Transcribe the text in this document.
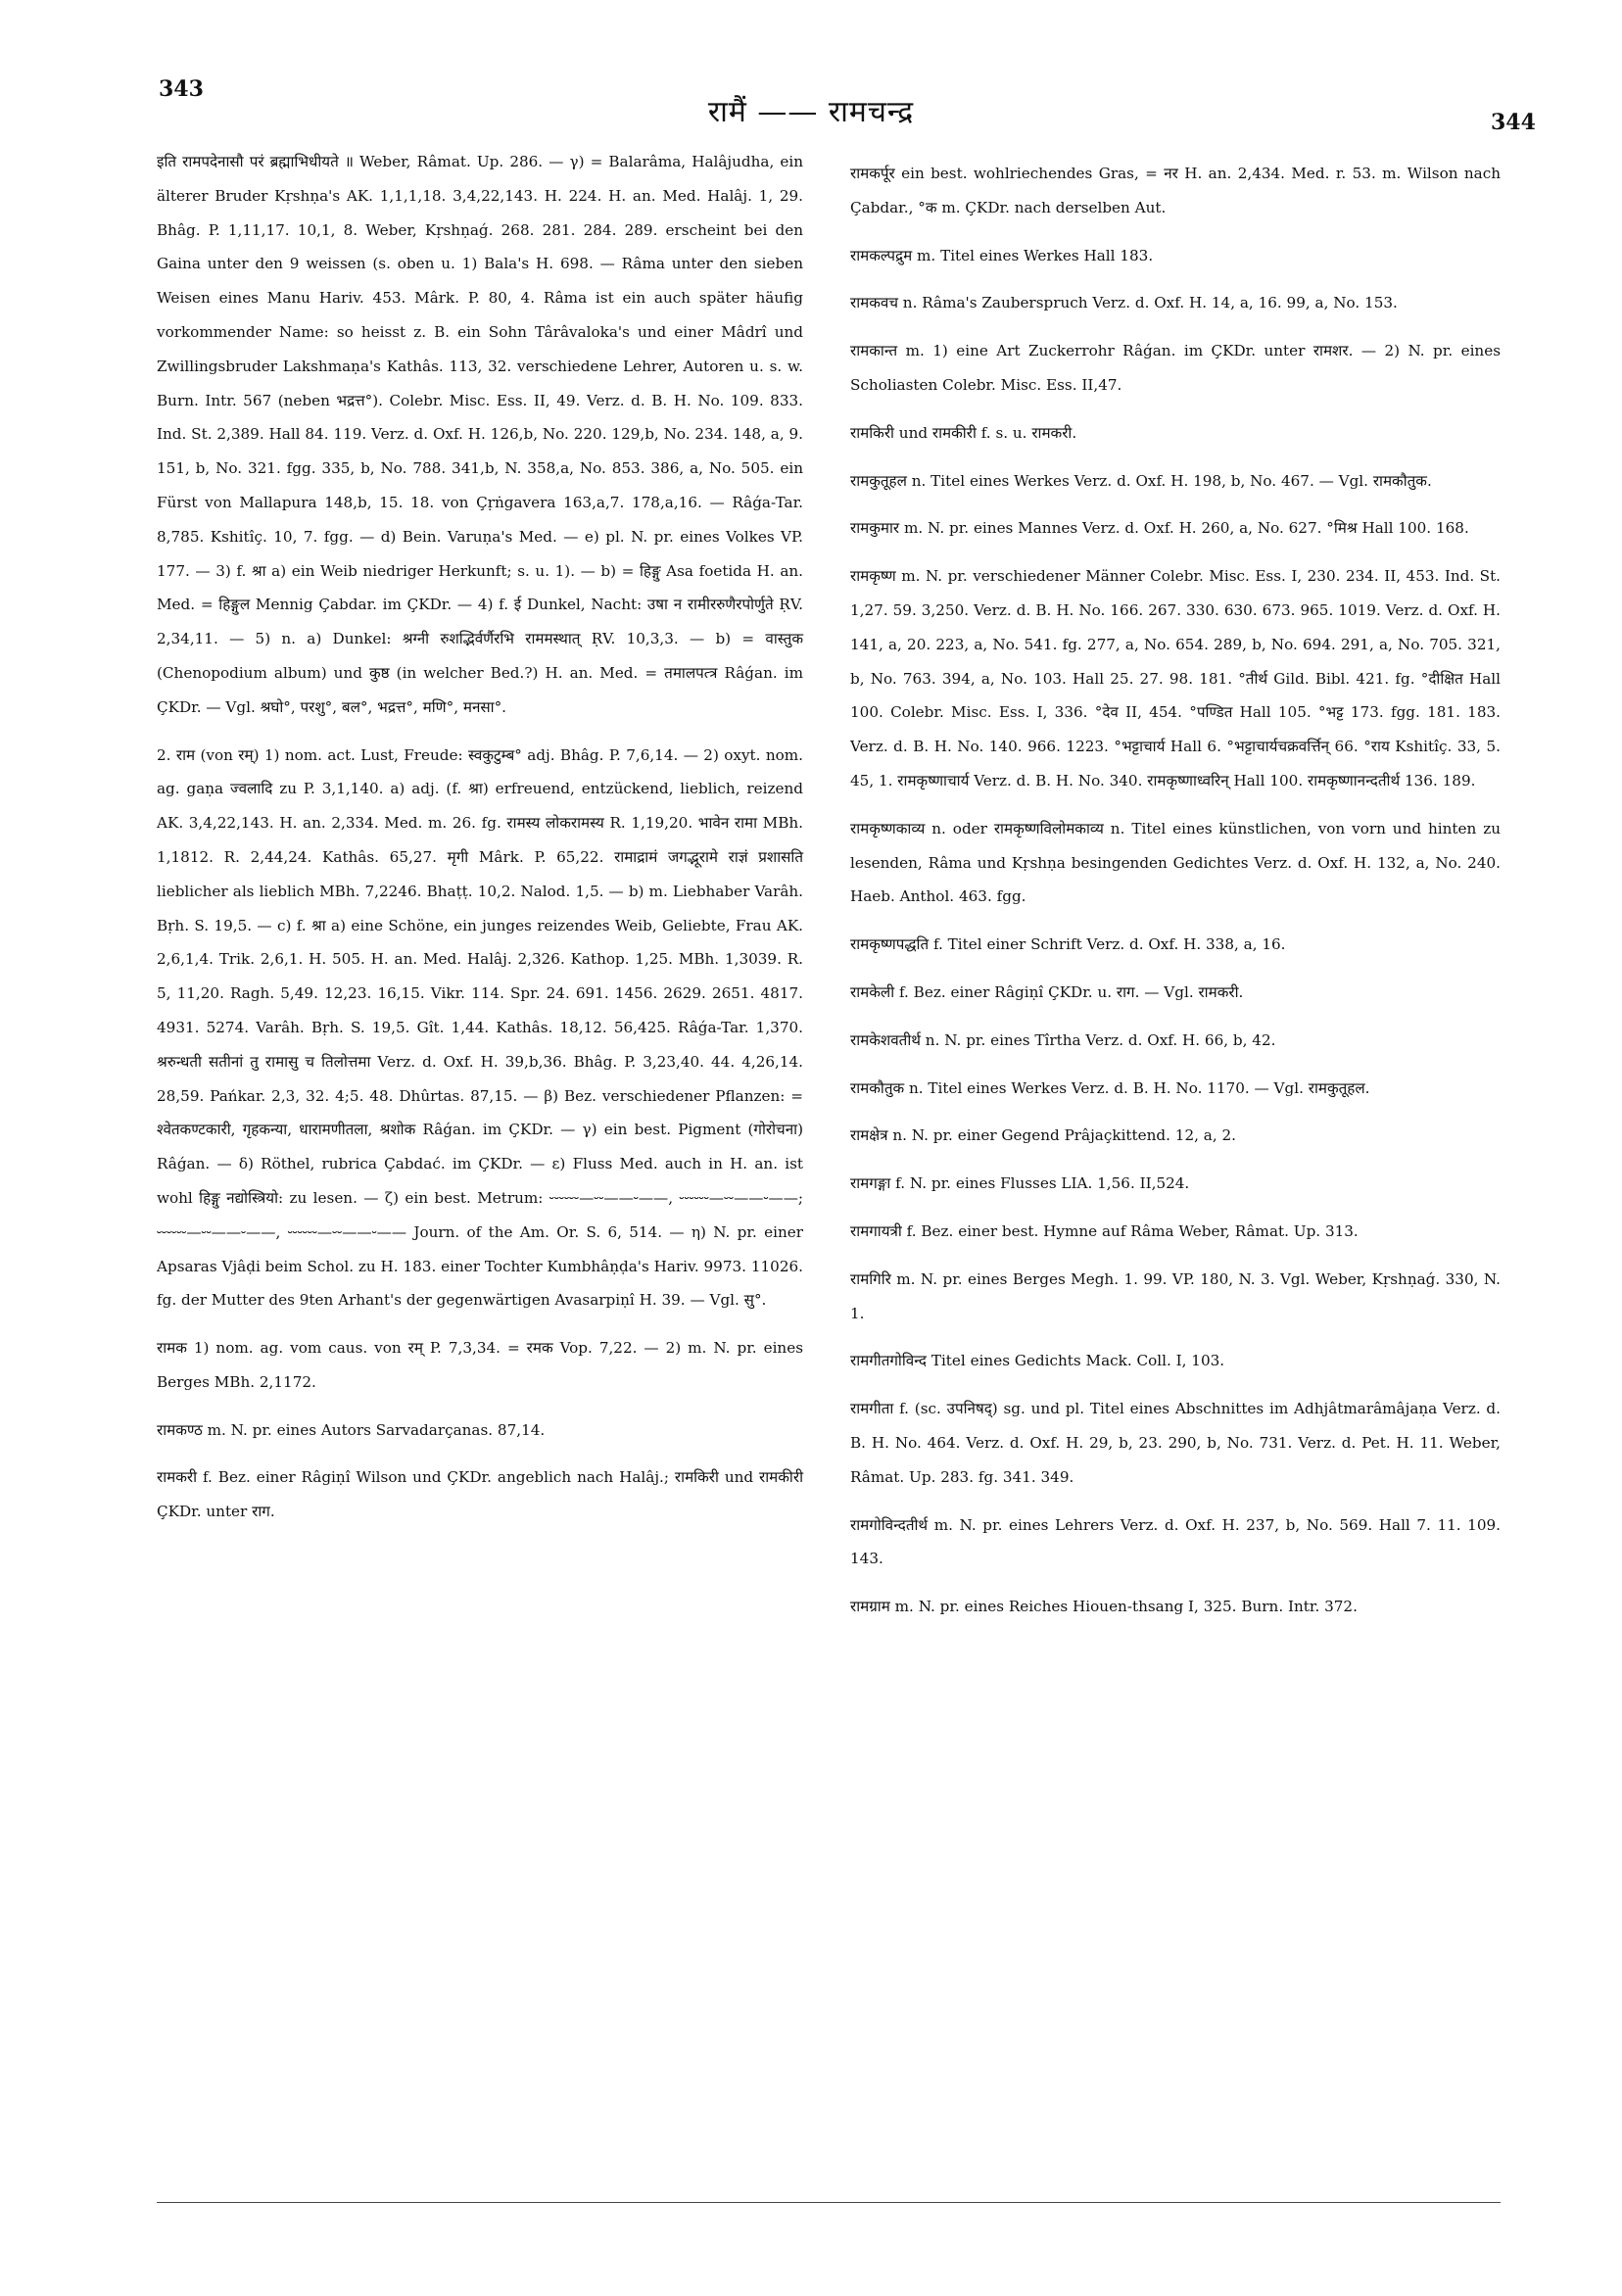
343
रामैं —— रामचन्द्र	344

इति रामपदेनासौ परं ब्रह्माभिधीयते ॥ Weber, Râmat. Up. 286. — γ) = Balarâma, Halâjudha, ein älterer Bruder Kṛshṇa's AK. 1,1,1,18. 3,4,22,143. H. 224. H. an. Med. Halâj. 1, 29. Bhâg. P. 1,11,17. 10,1, 8. Weber, Kṛshṇaǵ. 268. 281. 284. 289. erscheint bei den Gaina unter den 9 weissen (s. oben u. 1) Bala's H. 698. — Râma unter den sieben Weisen eines Manu Hariv. 453. Mârk. P. 80, 4. Râma ist ein auch später häufig vorkommender Name: so heisst z. B. ein Sohn Târâvaloka's und einer Mâdrî und Zwillingsbruder Lakshmaṇa's Kathâs. 113, 32. verschiedene Lehrer, Autoren u. s. w. Burn. Intr. 567 (neben भद्रत्त°). Colebr. Misc. Ess. II, 49. Verz. d. B. H. No. 109. 833. Ind. St. 2,389. Hall 84. 119. Verz. d. Oxf. H. 126,b, No. 220. 129,b, No. 234. 148, a, 9. 151, b, No. 321. fgg. 335, b, No. 788. 341,b, N. 358,a, No. 853. 386, a, No. 505. ein Fürst von Mallapura 148,b, 15. 18. von Çṛṅgavera 163,a,7. 178,a,16. — Râǵa-Tar. 8,785. Kshitîç. 10, 7. fgg. — d) Bein. Varuṇa's Med. — e) pl. N. pr. eines Volkes VP. 177. — 3) f. श्रा a) ein Weib niedriger Herkunft; s. u. 1). — b) = हिङ्गु Asa foetida H. an. Med. = हिङ्गुल Mennig Çabdar. im ÇKDr. — 4) f. ई Dunkel, Nacht: उषा न रामीररुणैरपोर्णुते ṚV. 2,34,11. — 5) n. a) Dunkel: श्रग्नी रुशद्भिर्वर्णैरभि राममस्थात् ṚV. 10,3,3. — b) = वास्तुक (Chenopodium album) und कुष्ठ (in welcher Bed.?) H. an. Med. = तमालपत्त्र Râǵan. im ÇKDr. — Vgl. श्रघो°, परशु°, बल°, भद्रत्त°, मणि°, मनसा°.

2. राम (von रम्) 1) nom. act. Lust, Freude: स्वकुटुम्ब° adj. Bhâg. P. 7,6,14. — 2) oxyt. nom. ag. gaṇa ज्वलादि zu P. 3,1,140. a) adj. (f. श्रा) erfreuend, entzückend, lieblich, reizend AK. 3,4,22,143. H. an. 2,334. Med. m. 26. fg. रामस्य लोकरामस्य R. 1,19,20. भावेन रामा MBh. 1,1812. R. 2,44,24. Kathâs. 65,27. मृगी Mârk. P. 65,22. रामाद्रामं जगद्भूरामे राज्ञं प्रशासति lieblicher als lieblich MBh. 7,2246. Bhaṭṭ. 10,2. Nalod. 1,5. — b) m. Liebhaber Varâh. Bṛh. S. 19,5. — c) f. श्रा a) eine Schöne, ein junges reizendes Weib, Geliebte, Frau AK. 2,6,1,4. Trik. 2,6,1. H. 505. H. an. Med. Halâj. 2,326. Kathop. 1,25. MBh. 1,3039. R. 5, 11,20. Ragh. 5,49. 12,23. 16,15. Vikr. 114. Spr. 24. 691. 1456. 2629. 2651. 4817. 4931. 5274. Varâh. Bṛh. S. 19,5. Gît. 1,44. Kathâs. 18,12. 56,425. Râǵa-Tar. 1,370. श्ररुन्धती सतीनां तु रामासु च तिलोत्तमा Verz. d. Oxf. H. 39,b,36. Bhâg. P. 3,23,40. 44. 4,26,14. 28,59. Pańkar. 2,3, 32. 4;5. 48. Dhûrtas. 87,15. — β) Bez. verschiedener Pflanzen: = श्वेतकण्टकारी, गृहकन्या, धारामणीतला, श्रशोक Râǵan. im ÇKDr. — γ) ein best. Pigment (गोरोचना) Râǵan. — δ) Röthel, rubrica Çabdać. im ÇKDr. — ε) Fluss Med. auch in H. an. ist wohl हिङ्गु नद्योस्त्रियो: zu lesen. — ζ) ein best. Metrum: ⏑⏑⏑⏑⏑⏑—⏑⏑——⏑——, ⏑⏑⏑⏑⏑⏑—⏑⏑——⏑——; ⏑⏑⏑⏑⏑⏑—⏑⏑——⏑——, ⏑⏑⏑⏑⏑⏑—⏑⏑——⏑—— Journ. of the Am. Or. S. 6, 514. — η) N. pr. einer Apsaras Vjâḍi beim Schol. zu H. 183. einer Tochter Kumbhâṇḍa's Hariv. 9973. 11026. fg. der Mutter des 9ten Arhant's der gegenwärtigen Avasarpiṇî H. 39. — Vgl. सु°.

रामक 1) nom. ag. vom caus. von रम् P. 7,3,34. = रमक Vop. 7,22. — 2) m. N. pr. eines Berges MBh. 2,1172.

रामकण्ठ m. N. pr. eines Autors Sarvadarçanas. 87,14.

रामकरी f. Bez. einer Râgiṇî Wilson und ÇKDr. angeblich nach Halâj.; रामकिरी und रामकीरी ÇKDr. unter राग.

रामकर्पूर ein best. wohlriechendes Gras, = नर H. an. 2,434. Med. r. 53. m. Wilson nach Çabdar., °क m. ÇKDr. nach derselben Aut.

रामकल्पद्रुम m. Titel eines Werkes Hall 183.

रामकवच n. Râma's Zauberspruch Verz. d. Oxf. H. 14, a, 16. 99, a, No. 153.

रामकान्त m. 1) eine Art Zuckerrohr Râǵan. im ÇKDr. unter रामशर. — 2) N. pr. eines Scholiasten Colebr. Misc. Ess. II,47.

रामकिरी und रामकीरी f. s. u. रामकरी.

रामकुतूहल n. Titel eines Werkes Verz. d. Oxf. H. 198, b, No. 467. — Vgl. रामकौतुक.

रामकुमार m. N. pr. eines Mannes Verz. d. Oxf. H. 260, a, No. 627. °मिश्र Hall 100. 168.

रामकृष्ण m. N. pr. verschiedener Männer Colebr. Misc. Ess. I, 230. 234. II, 453. Ind. St. 1,27. 59. 3,250. Verz. d. B. H. No. 166. 267. 330. 630. 673. 965. 1019. Verz. d. Oxf. H. 141, a, 20. 223, a, No. 541. fg. 277, a, No. 654. 289, b, No. 694. 291, a, No. 705. 321, b, No. 763. 394, a, No. 103. Hall 25. 27. 98. 181. °तीर्थ Gild. Bibl. 421. fg. °दीक्षित Hall 100. Colebr. Misc. Ess. I, 336. °देव II, 454. °पण्डित Hall 105. °भट्ट 173. fgg. 181. 183. Verz. d. B. H. No. 140. 966. 1223. °भट्टाचार्य Hall 6. °भट्टाचार्यचक्रवर्त्तिन् 66. °राय Kshitîç. 33, 5. 45, 1. रामकृष्णाचार्य Verz. d. B. H. No. 340. रामकृष्णाध्वरिन् Hall 100. रामकृष्णानन्दतीर्थ 136. 189.

रामकृष्णकाव्य n. oder रामकृष्णविलोमकाव्य n. Titel eines künstlichen, von vorn und hinten zu lesenden, Râma und Kṛshṇa besingenden Gedichtes Verz. d. Oxf. H. 132, a, No. 240. Haeb. Anthol. 463. fgg.

रामकृष्णपद्धति f. Titel einer Schrift Verz. d. Oxf. H. 338, a, 16.

रामकेली f. Bez. einer Râgiṇî ÇKDr. u. राग. — Vgl. रामकरी.

रामकेशवतीर्थ n. N. pr. eines Tîrtha Verz. d. Oxf. H. 66, b, 42.

रामकौतुक n. Titel eines Werkes Verz. d. B. H. No. 1170. — Vgl. रामकुतूहल.

रामक्षेत्र n. N. pr. einer Gegend Prâjaçkittend. 12, a, 2.

रामगङ्गा f. N. pr. eines Flusses LIA. 1,56. II,524.

रामगायत्री f. Bez. einer best. Hymne auf Râma Weber, Râmat. Up. 313.

रामगिरि m. N. pr. eines Berges Megh. 1. 99. VP. 180, N. 3. Vgl. Weber, Kṛshṇaǵ. 330, N. 1.

रामगीतगोविन्द Titel eines Gedichts Mack. Coll. I, 103.

रामगीता f. (sc. उपनिषद्) sg. und pl. Titel eines Abschnittes im Adhjâtmarâmâjaṇa Verz. d. B. H. No. 464. Verz. d. Oxf. H. 29, b, 23. 290, b, No. 731. Verz. d. Pet. H. 11. Weber, Râmat. Up. 283. fg. 341. 349.

रामगोविन्दतीर्थ m. N. pr. eines Lehrers Verz. d. Oxf. H. 237, b, No. 569. Hall 7. 11. 109. 143.

रामग्राम m. N. pr. eines Reiches Hiouen-thsang I, 325. Burn. Intr. 372.
